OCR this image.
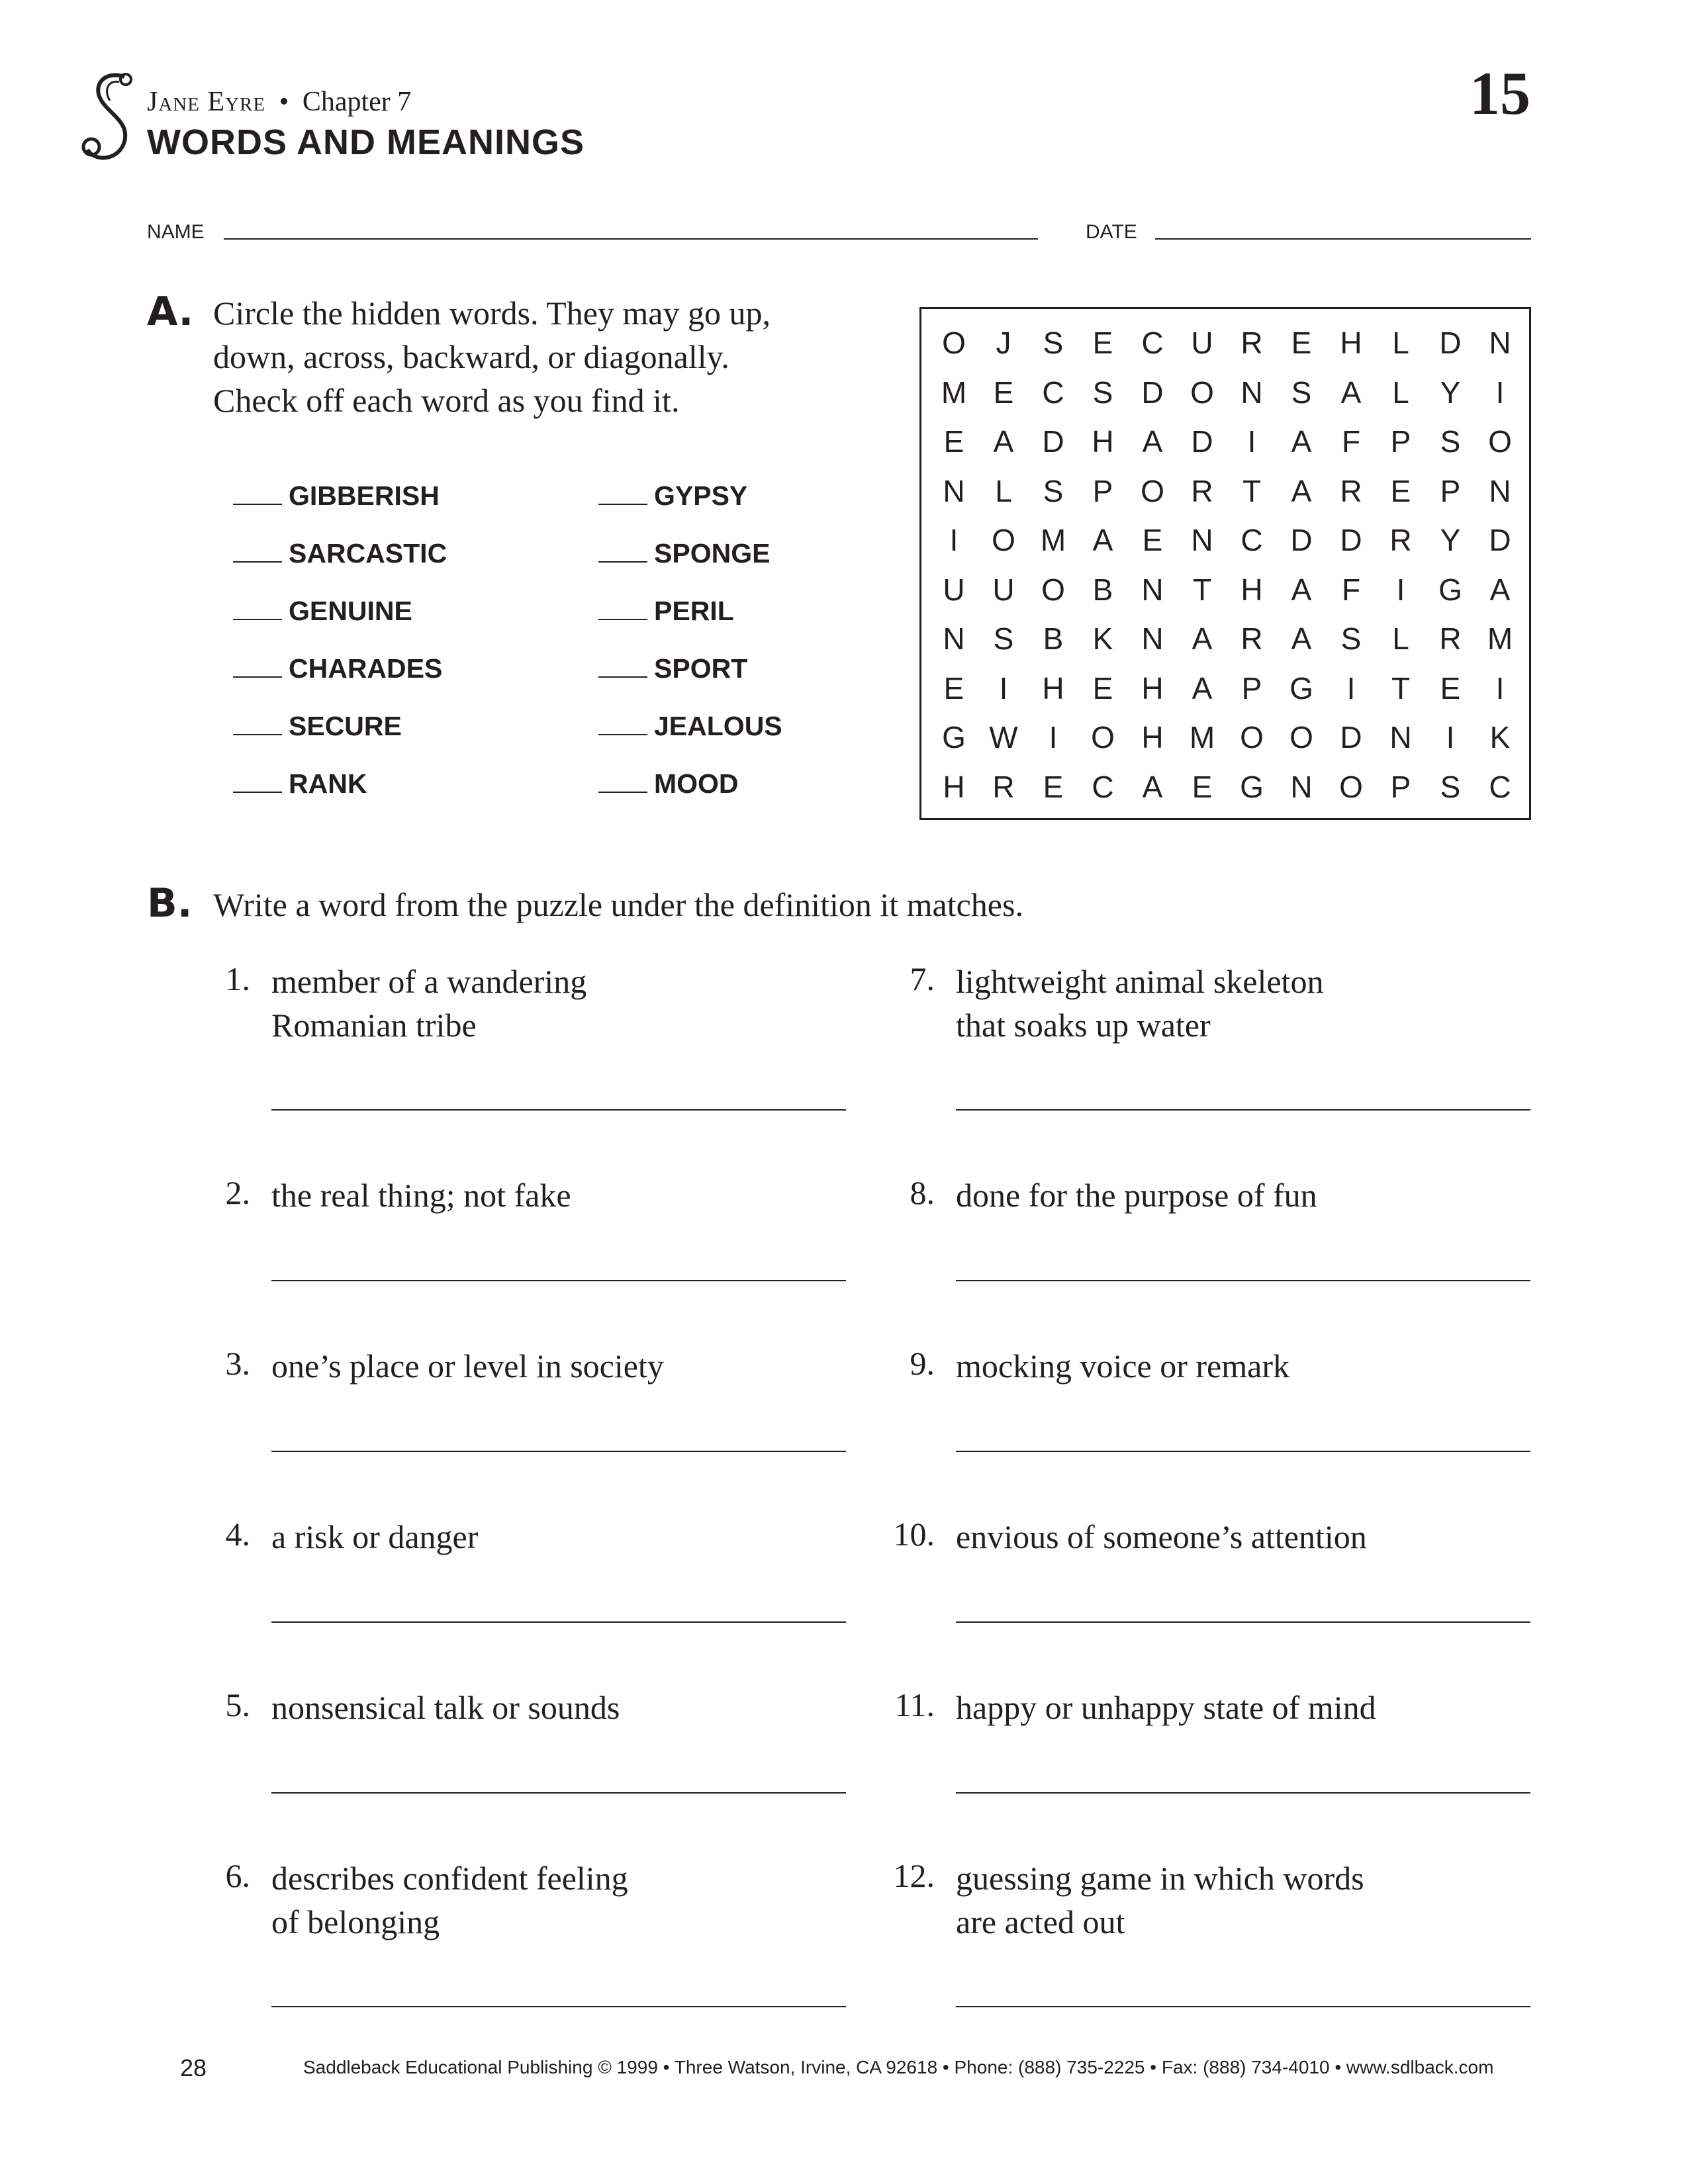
Jane Eyre • Chapter 7
WORDS AND MEANINGS
15
NAME	DATE
A. Circle the hidden words. They may go up,
down, across, backward, or diagonally.
Check off each word as you find it.
GIBBERISH
SARCASTIC
GENUINE
CHARADES
SECURE
RANK
GYPSY
SPONGE
PERIL
SPORT
JEALOUS
MOOD
O J	S E C U R E H L D N
M E C S D O N S A	L	Y	I
E A D H A D	I	A F P S O
N L	S P O R T A R E P N
I	O M A E N C D D R Y D
U U O B N T H A F	I	G A
N S B K N A R A S	L R M
E	I	H E H A P G	I	T E	I
G W	I	O H M O O D N	I	K
H R E C A E G N O P S C
B. Write a word from the puzzle under the definition it matches.
1. member of a wandering
Romanian tribe
2. the real thing; not fake
3. one’s place or level in society
4. a risk or danger
5. nonsensical talk or sounds
6. describes confident feeling
of belonging
7. lightweight animal skeleton
that soaks up water
8. done for the purpose of fun
9. mocking voice or remark
10. envious of someone’s attention
11. happy or unhappy state of mind
12. guessing game in which words
are acted out
28	Saddleback Educational Publishing © 1999 • Three Watson, Irvine, CA 92618 • Phone: (888) 735-2225 • Fax: (888) 734-4010 • www.sdlback.com
